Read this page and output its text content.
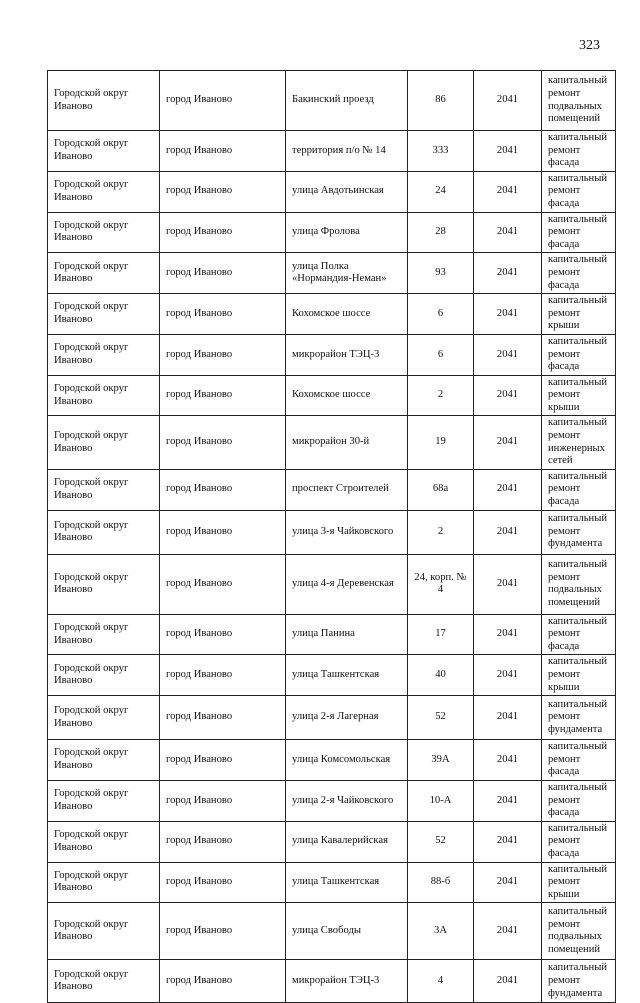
323
Городской округ Иваново	город Иваново	Бакинский проезд	86	2041	капитальный ремонт подвальных помещений
Городской округ Иваново	город Иваново	территория п/о № 14	333	2041	капитальный ремонт фасада
Городской округ Иваново	город Иваново	улица Авдотьинская	24	2041	капитальный ремонт фасада
Городской округ Иваново	город Иваново	улица Фролова	28	2041	капитальный ремонт фасада
Городской округ Иваново	город Иваново	улица Полка «Нормандия-Неман»	93	2041	капитальный ремонт фасада
Городской округ Иваново	город Иваново	Кохомское шоссе	6	2041	капитальный ремонт крыши
Городской округ Иваново	город Иваново	микрорайон ТЭЦ-3	6	2041	капитальный ремонт фасада
Городской округ Иваново	город Иваново	Кохомское шоссе	2	2041	капитальный ремонт крыши
Городской округ Иваново	город Иваново	микрорайон 30-й	19	2041	капитальный ремонт инженерных сетей
Городской округ Иваново	город Иваново	проспект Строителей	68а	2041	капитальный ремонт фасада
Городской округ Иваново	город Иваново	улица 3-я Чайковского	2	2041	капитальный ремонт фундамента
Городской округ Иваново	город Иваново	улица 4-я Деревенская	24, корп. № 4	2041	капитальный ремонт подвальных помещений
Городской округ Иваново	город Иваново	улица Панина	17	2041	капитальный ремонт фасада
Городской округ Иваново	город Иваново	улица Ташкентская	40	2041	капитальный ремонт крыши
Городской округ Иваново	город Иваново	улица 2-я Лагерная	52	2041	капитальный ремонт фундамента
Городской округ Иваново	город Иваново	улица Комсомольская	39А	2041	капитальный ремонт фасада
Городской округ Иваново	город Иваново	улица 2-я Чайковского	10-А	2041	капитальный ремонт фасада
Городской округ Иваново	город Иваново	улица Кавалерийская	52	2041	капитальный ремонт фасада
Городской округ Иваново	город Иваново	улица Ташкентская	88-б	2041	капитальный ремонт крыши
Городской округ Иваново	город Иваново	улица Свободы	3А	2041	капитальный ремонт подвальных помещений
Городской округ Иваново	город Иваново	микрорайон ТЭЦ-3	4	2041	капитальный ремонт фундамента
